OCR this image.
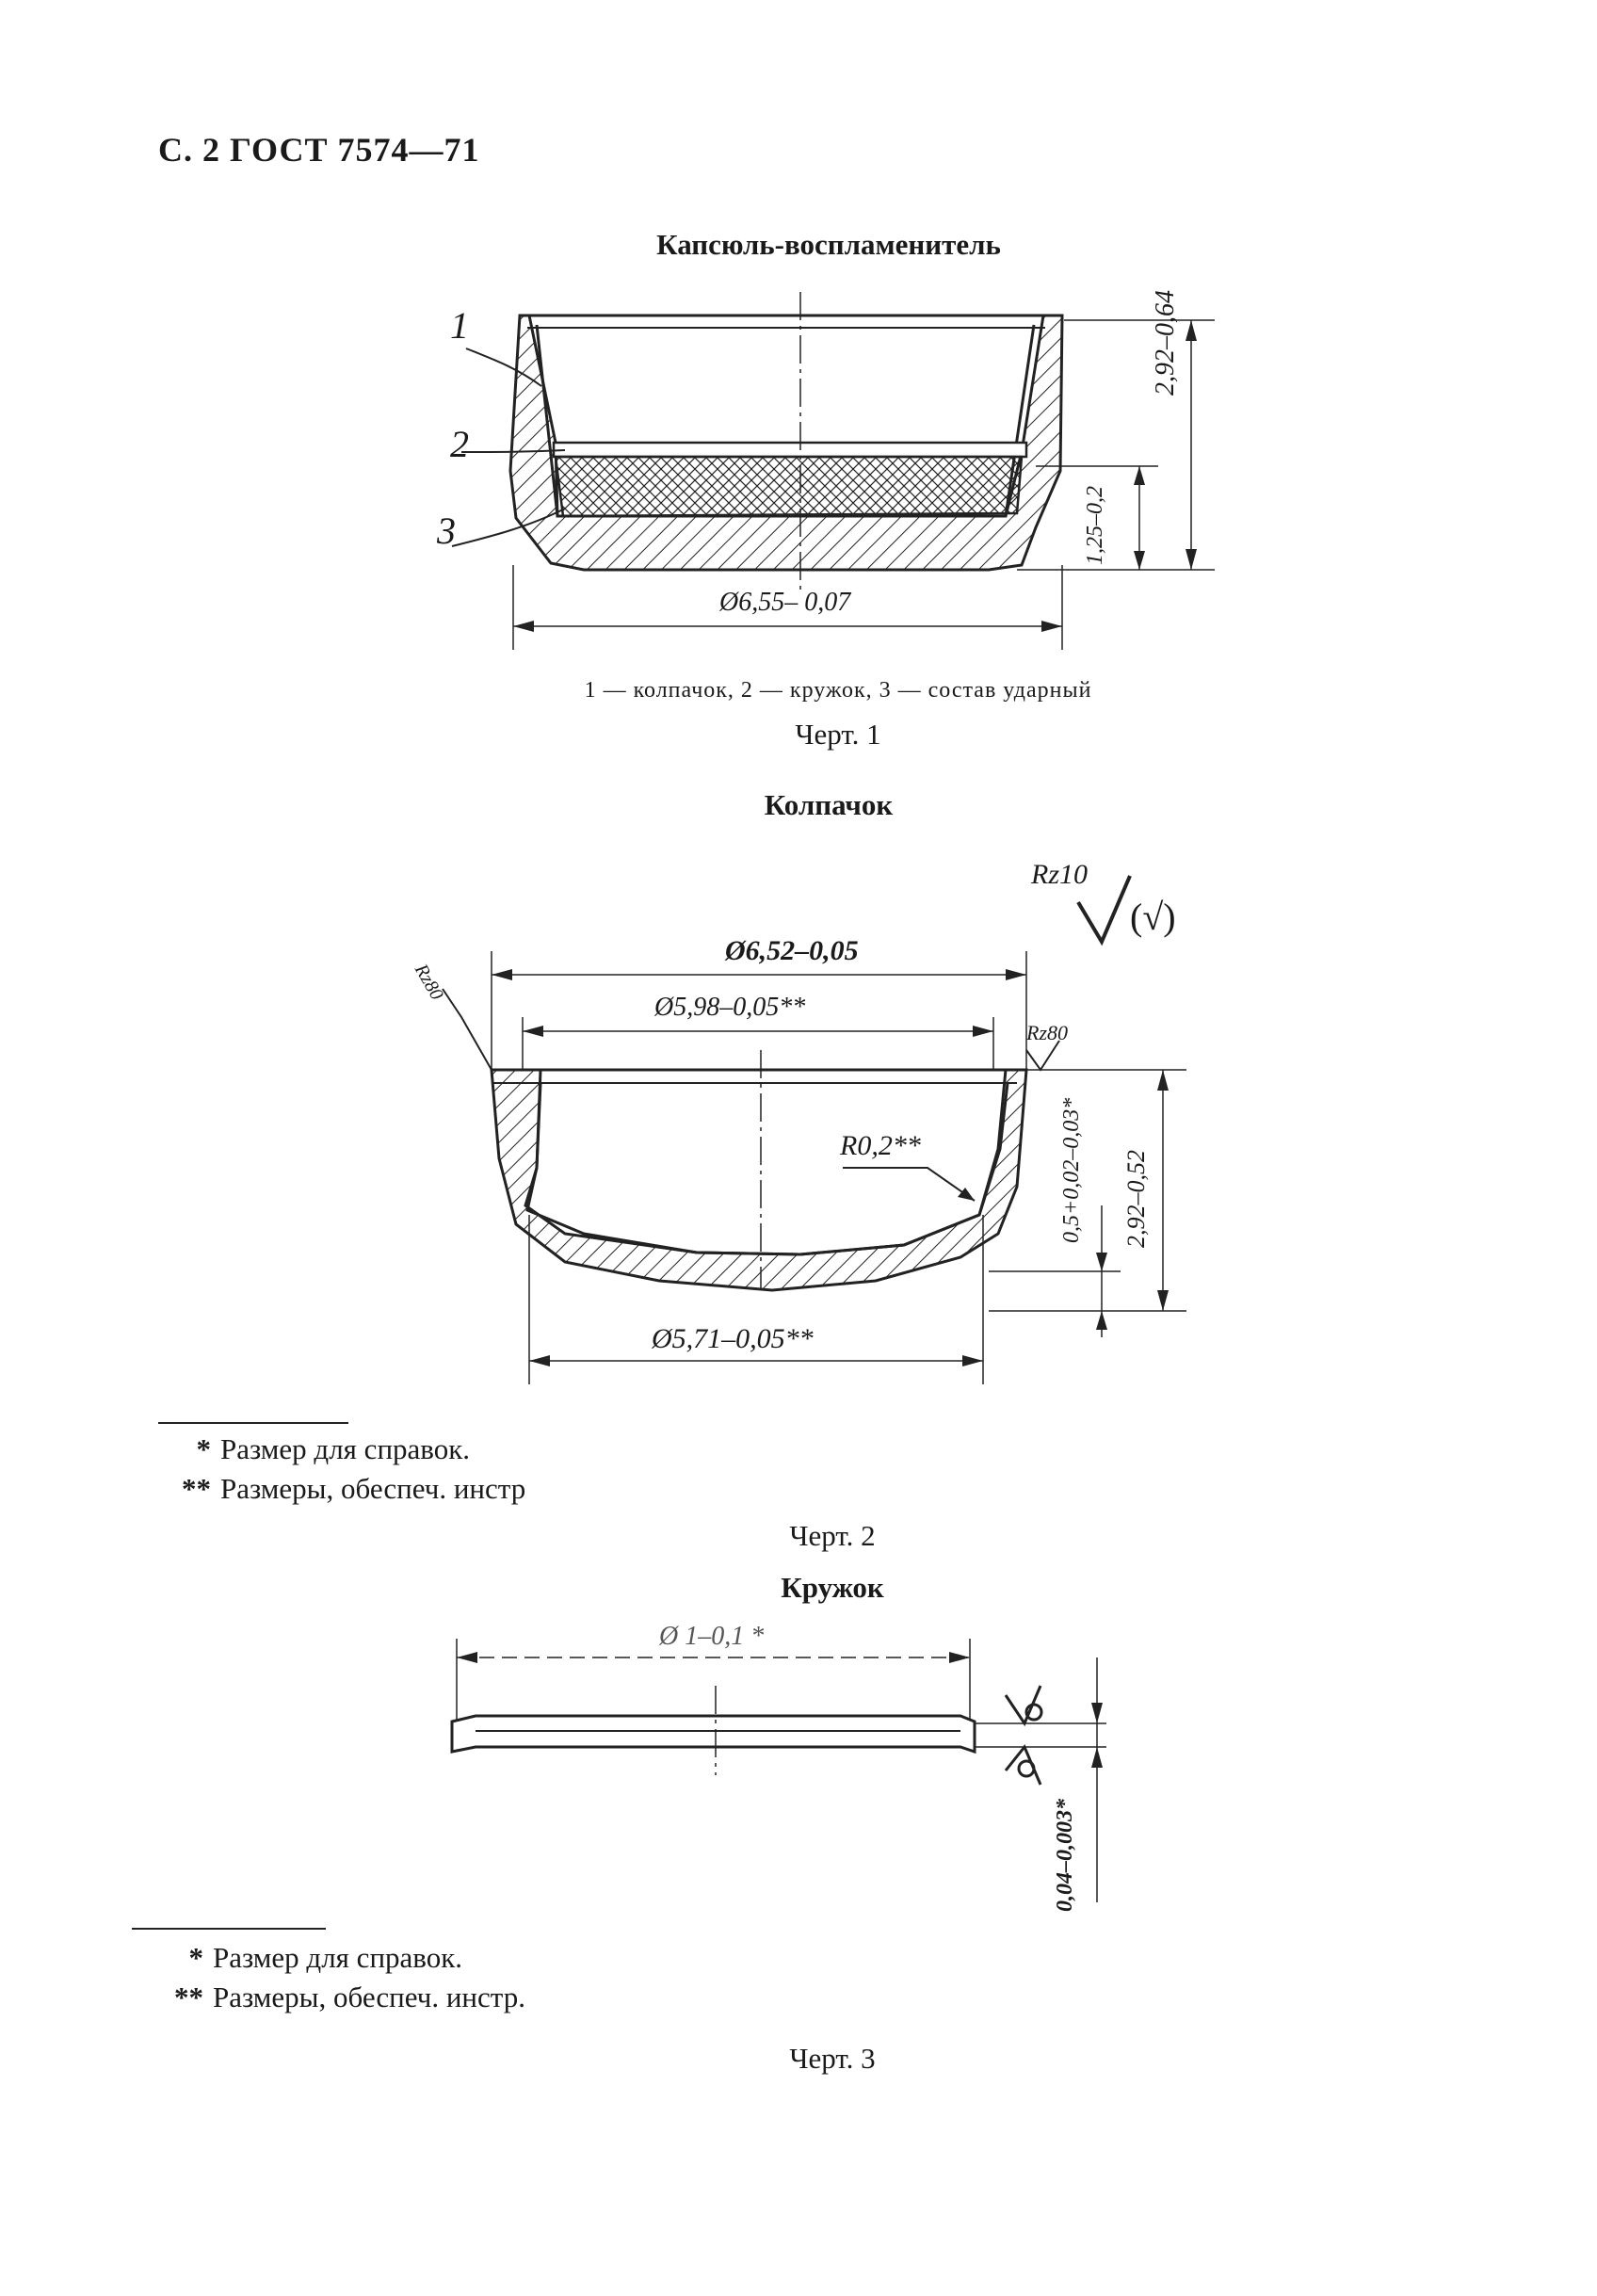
С. 2 ГОСТ 7574—71
Капсюль-воспламенитель
1
2
3
Ø6,55– 0,07
2,92–0,64
1,25–0,2
1 — колпачок, 2 — кружок, 3 — состав ударный
Черт. 1
Колпачок
Rz10
(√)
Ø6,52–0,05
Ø5,98–0,05**
Ø5,71–0,05**
2,92–0,52
0,5+0,02–0,03*
R0,2**
Rz80
Rz80
* Размер для справок.
** Размеры, обеспеч. инстр
Черт. 2
Кружок
Ø 1–0,1 *
0,04–0,003*
* Размер для справок.
** Размеры, обеспеч. инстр.
Черт. 3
